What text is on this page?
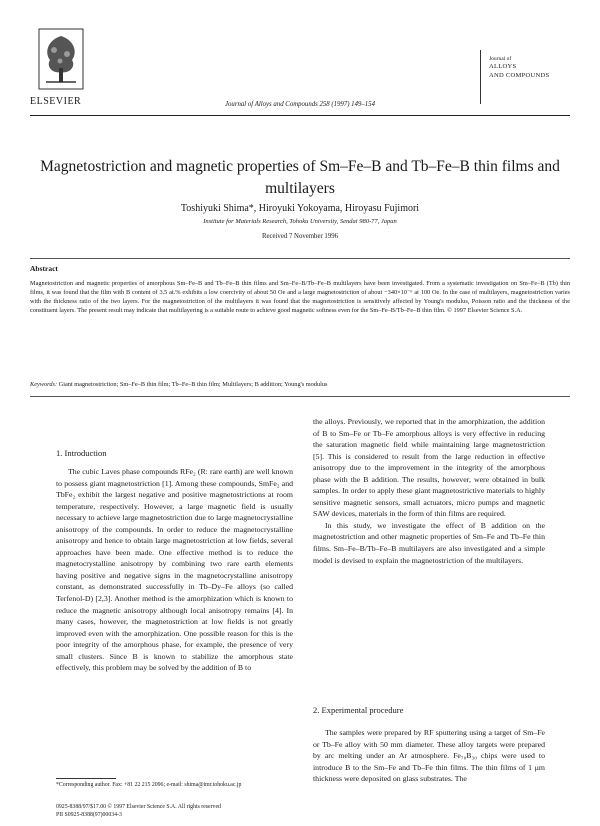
ELSEVIER	Journal of Alloys and Compounds 258 (1997) 149–154
Journal of
ALLOYS
AND COMPOUNDS
Magnetostriction and magnetic properties of Sm–Fe–B and Tb–Fe–B thin films and multilayers
Toshiyuki Shima*, Hiroyuki Yokoyama, Hiroyasu Fujimori
Institute for Materials Research, Tohoku University, Sendai 980-77, Japan
Received 7 November 1996
Abstract
Magnetostriction and magnetic properties of amorphous Sm–Fe–B and Tb–Fe–B thin films and Sm–Fe–B/Tb–Fe–B multilayers have been investigated. From a systematic investigation on Sm–Fe–B (Tb) thin films, it was found that the film with B content of 3.5 at.% exhibits a low coercivity of about 50 Oe and a large magnetostriction of about −340×10⁻⁶ at 100 Oe. In the case of multilayers, magnetostriction varies with the thickness ratio of the two layers. For the magnetostriction of the multilayers it was found that the magnetostriction is sensitively affected by Young's modulus, Poisson ratio and the thickness of the constituent layers. The present result may indicate that multilayering is a suitable route to achieve good magnetic softness even for the Sm–Fe–B/Tb–Fe–B thin film. © 1997 Elsevier Science S.A.
Keywords: Giant magnetostriction; Sm–Fe–B thin film; Tb–Fe–B thin film; Multilayers; B addition; Young's modulus
1. Introduction

The cubic Laves phase compounds RFe₂ (R: rare earth) are well known to possess giant magnetostriction [1]. Among these compounds, SmFe₂ and TbFe₂ exhibit the largest negative and positive magnetostrictions at room temperature, respectively. However, a large magnetic field is usually necessary to achieve large magnetostriction due to large magnetocrystalline anisotropy of the compounds. In order to reduce the magnetocrystalline anisotropy and hence to obtain large magnetostriction at low fields, several approaches have been made. One effective method is to reduce the magnetocrystalline anisotropy by combining two rare earth elements having positive and negative signs in the magnetocrystalline anisotropy constant, as demonstrated successfully in Tb–Dy–Fe alloys (so called Terfenol-D) [2,3]. Another method is the amorphization which is known to reduce the magnetic anisotropy although local anisotropy remains [4]. In many cases, however, the magnetostriction at low fields is not greatly improved even with the amorphization. One possible reason for this is the poor integrity of the amorphous phase, for example, the presence of very small clusters. Since B is known to stabilize the amorphous state effectively, this problem may be solved by the addition of B to

the alloys. Previously, we reported that in the amorphization, the addition of B to Sm–Fe or Tb–Fe amorphous alloys is very effective in reducing the saturation magnetic field while maintaining large magnetostriction [5]. This is considered to result from the large reduction in effective anisotropy due to the improvement in the integrity of the amorphous phase with the B addition. The results, however, were obtained in bulk samples. In order to apply these giant magnetostrictive materials to highly sensitive magnetic sensors, small actuators, micro pumps and magnetic SAW devices, materials in the form of thin films are required.

In this study, we investigate the effect of B addition on the magnetostriction and other magnetic properties of Sm–Fe and Tb–Fe thin films. Sm–Fe–B/Tb–Fe–B multilayers are also investigated and a simple model is devised to explain the magnetostriction of the multilayers.

2. Experimental procedure

The samples were prepared by RF sputtering using a target of Sm–Fe or Tb–Fe alloy with 50 mm diameter. These alloy targets were prepared by arc melting under an Ar atmosphere. Fe₇₀B₃₀ chips were used to introduce B to the Sm–Fe and Tb–Fe thin films. The thin films of 1 μm thickness were deposited on glass substrates. The

*Corresponding author. Fax: +81 22 215 2096; e-mail: shima@imr.tohoku.ac.jp
0925-8388/97/$17.00 © 1997 Elsevier Science S.A. All rights reserved
PII S0925-8388(97)00034-3
